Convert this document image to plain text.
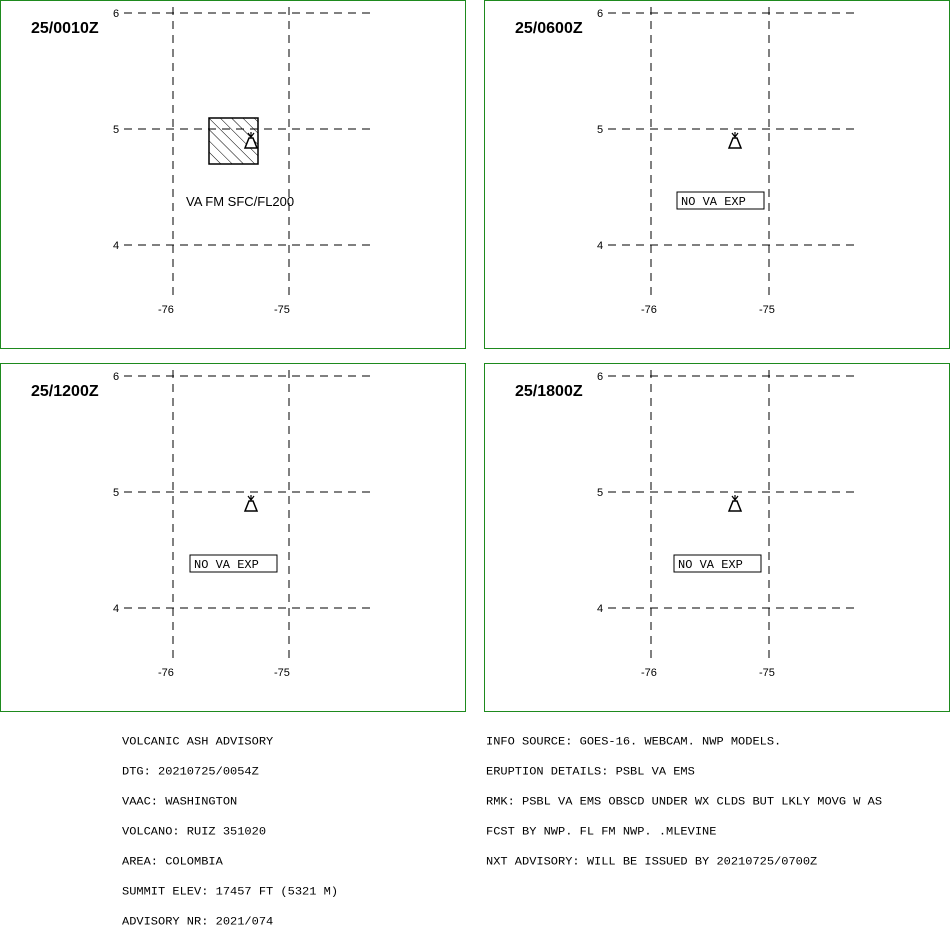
25/0010Z
6
5
4
-76	-75
VA FM SFC/FL200
25/0600Z
6
5
4
-76	-75
NO VA EXP
25/1200Z
6
5
4
-76	-75
NO VA EXP
25/1800Z
6
5
4
-76	-75
NO VA EXP

VOLCANIC ASH ADVISORY

DTG: 20210725/0054Z

VAAC: WASHINGTON

VOLCANO: RUIZ 351020

AREA: COLOMBIA

SUMMIT ELEV: 17457 FT (5321 M)

ADVISORY NR: 2021/074

INFO SOURCE: GOES-16. WEBCAM. NWP MODELS.

ERUPTION DETAILS: PSBL VA EMS

RMK: PSBL VA EMS OBSCD UNDER WX CLDS BUT LKLY MOVG W AS

FCST BY NWP. FL FM NWP. .MLEVINE

NXT ADVISORY: WILL BE ISSUED BY 20210725/0700Z
